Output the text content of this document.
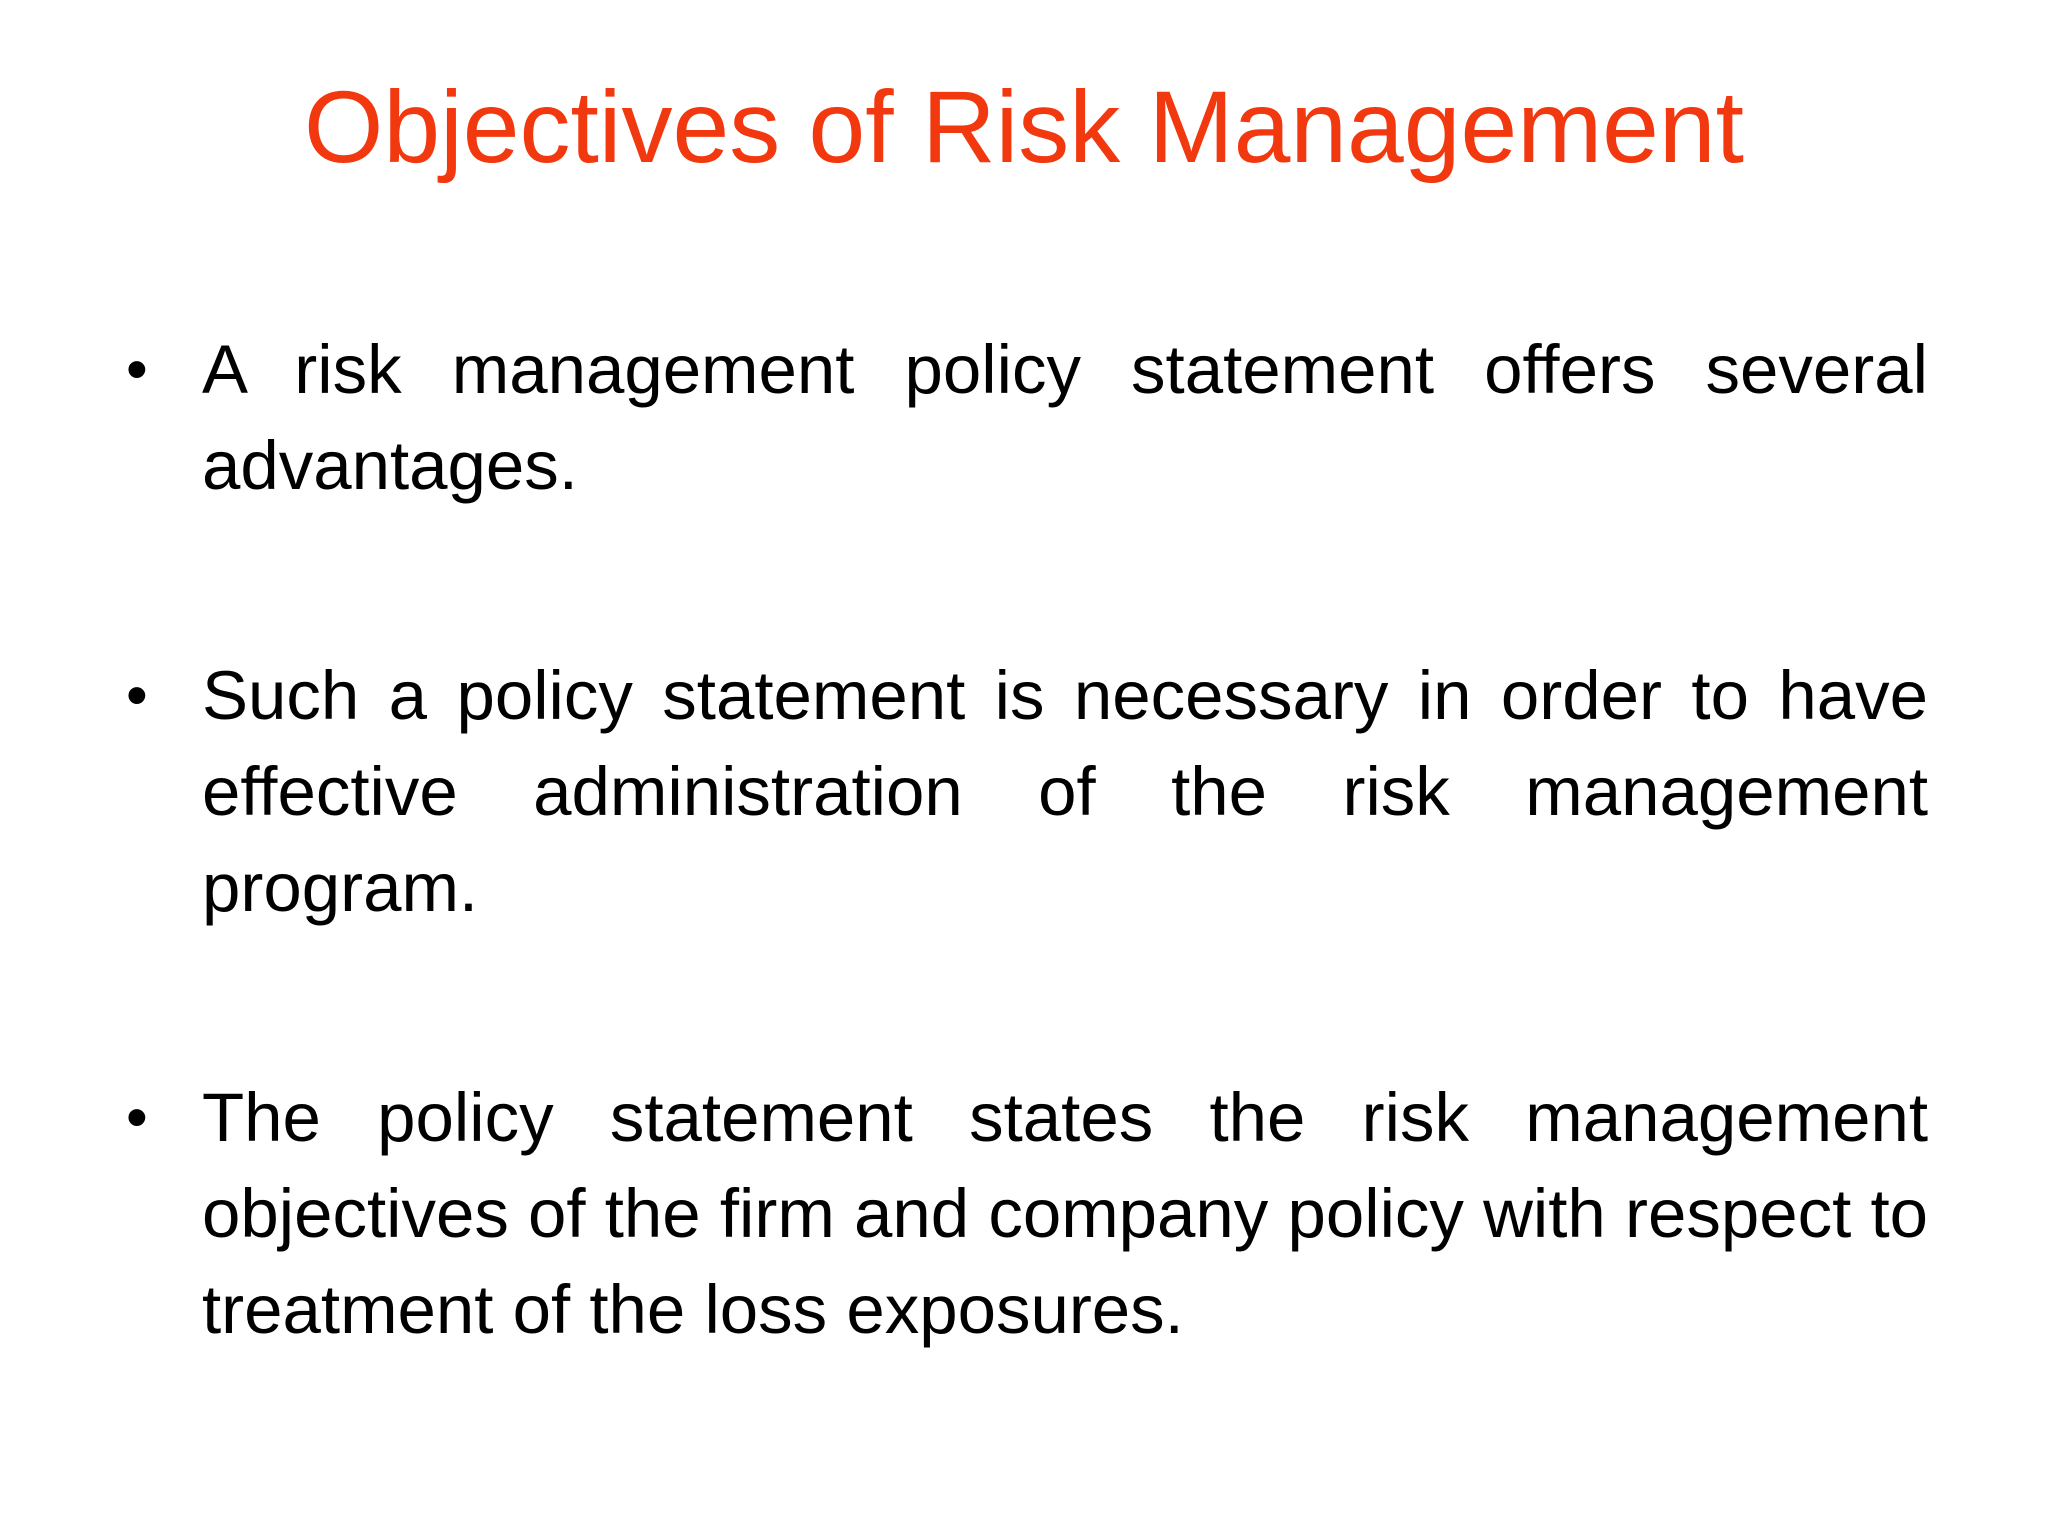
Objectives of Risk Management
• A risk management policy statement offers several advantages.
• Such a policy statement is necessary in order to have effective administration of the risk management program.
• The policy statement states the risk management objectives of the firm and company policy with respect to treatment of the loss exposures.
